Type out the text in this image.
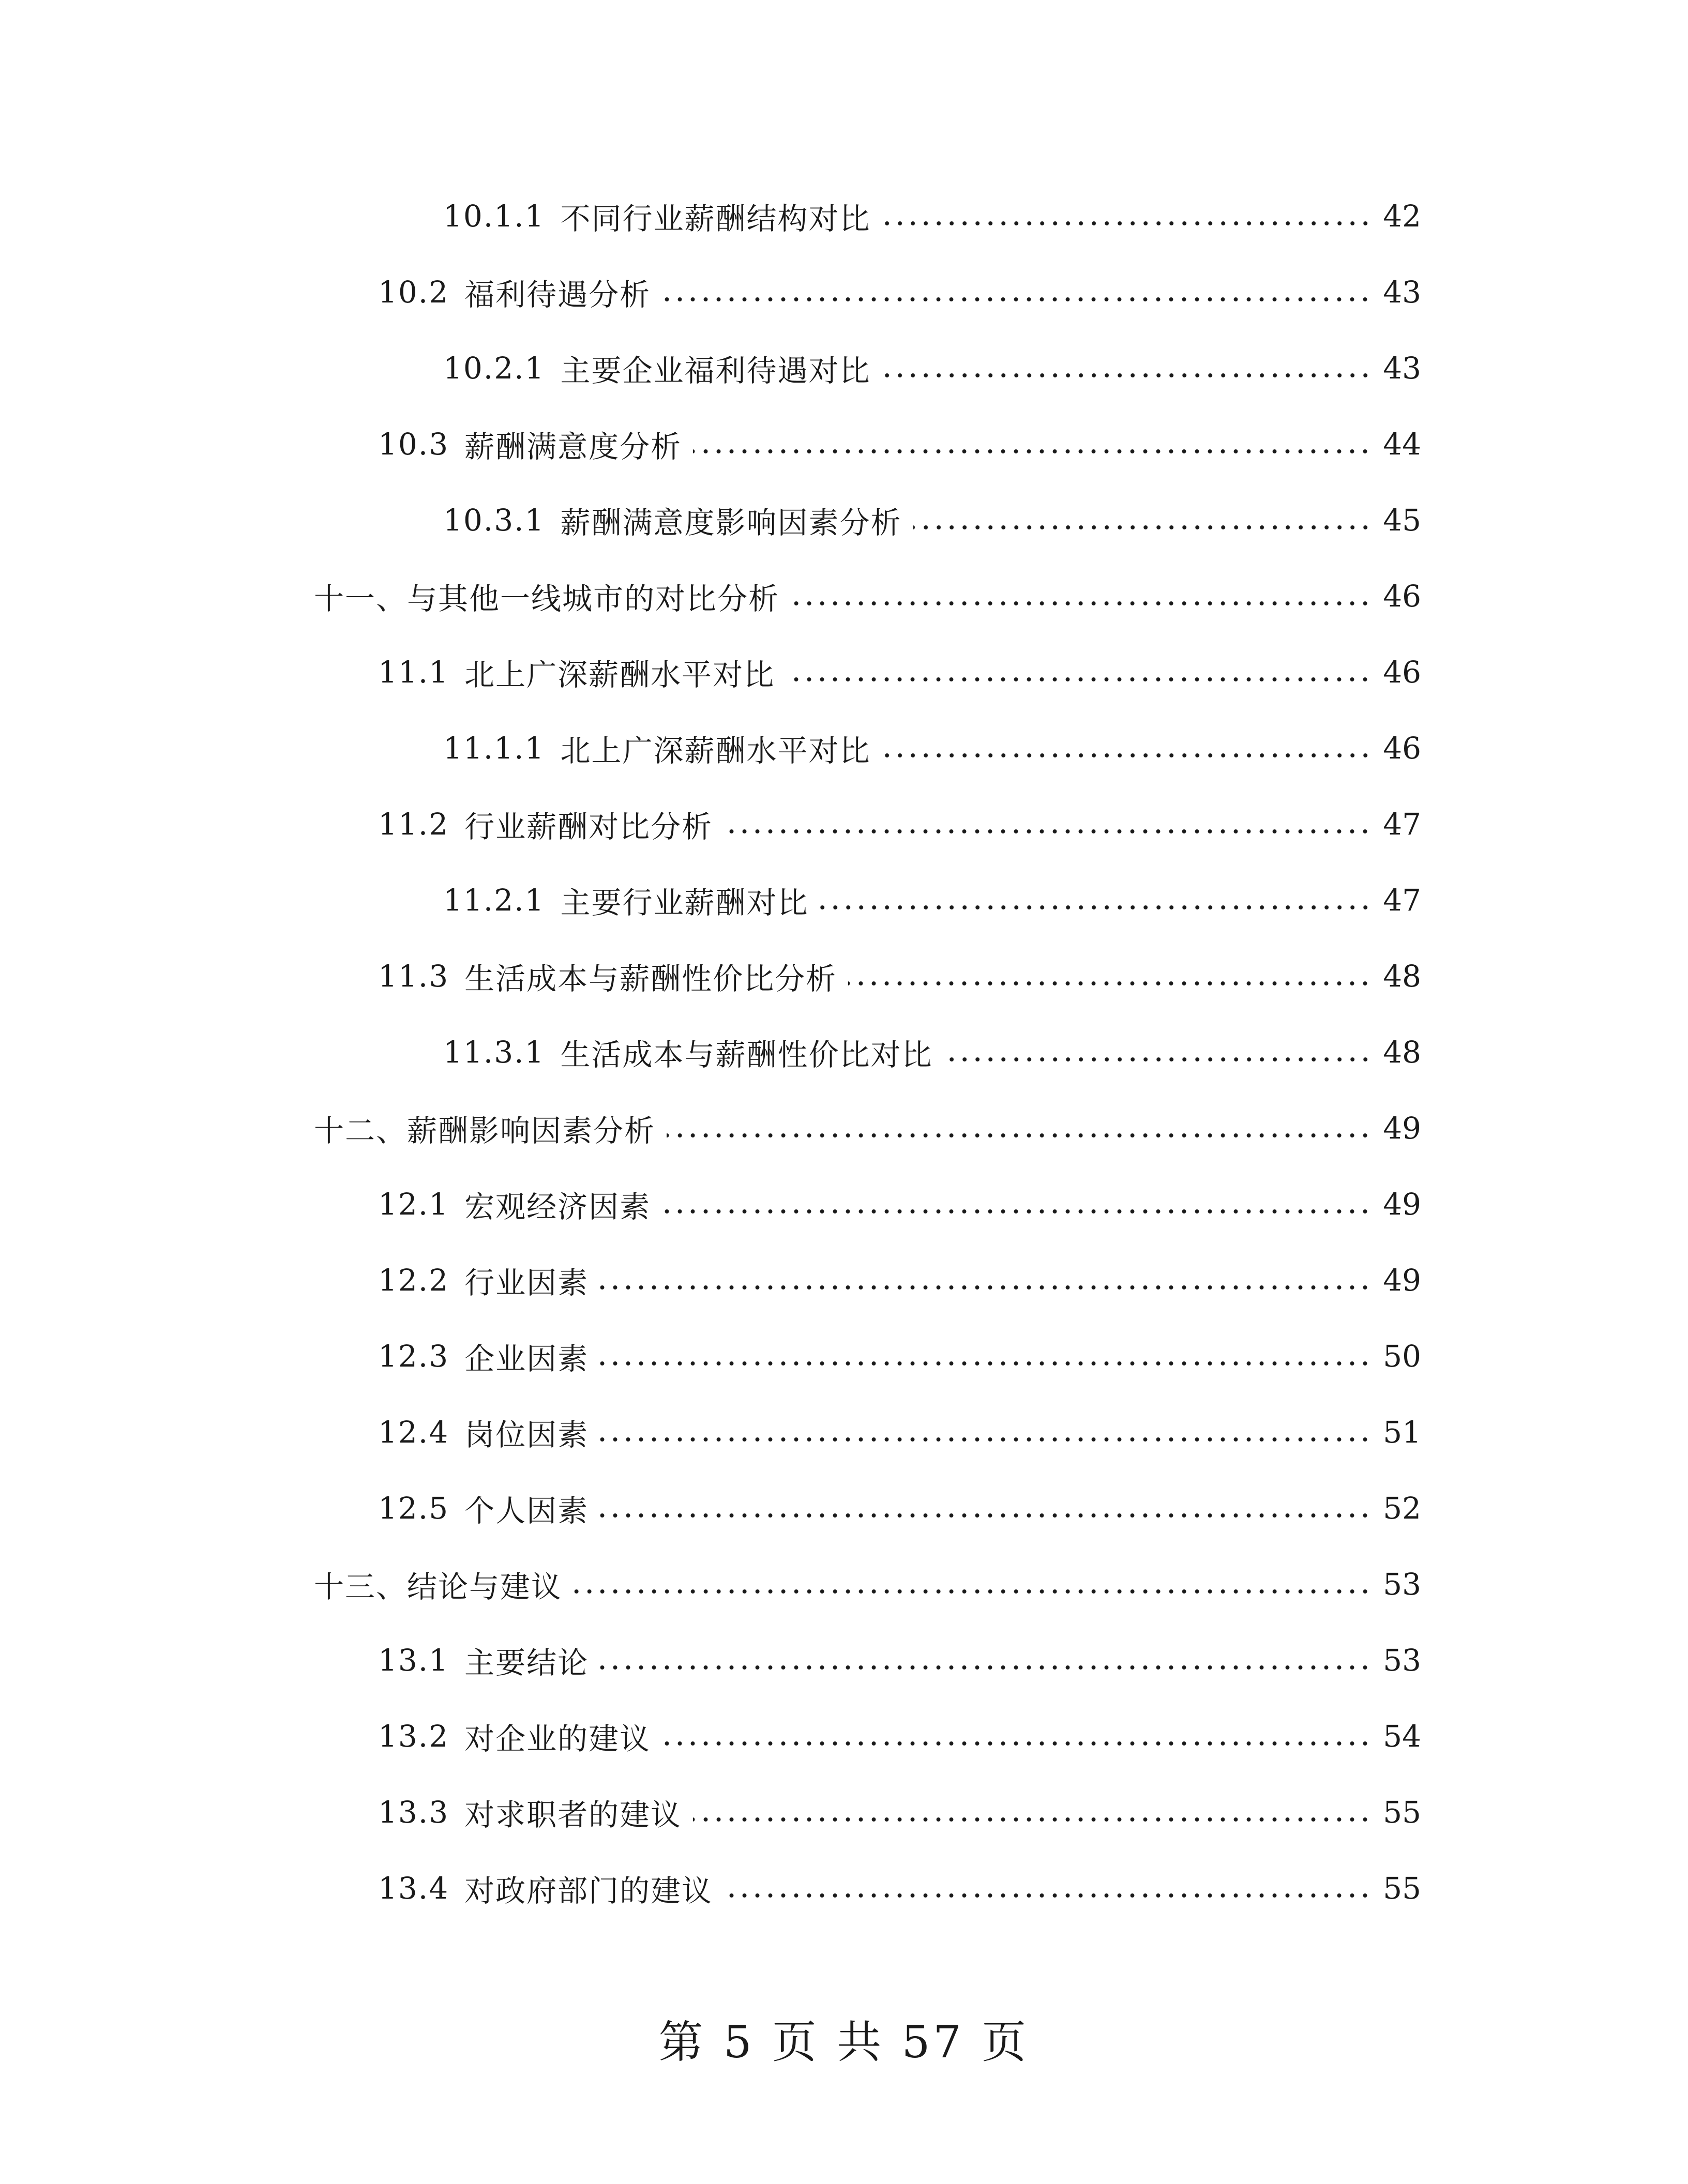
10.1.1 不同行业薪酬结构对比	42
10.2 福利待遇分析	43
10.2.1 主要企业福利待遇对比	43
10.3 薪酬满意度分析	44
10.3.1 薪酬满意度影响因素分析	45
十一、 与其他一线城市的对比分析	46
11.1 北上广深薪酬水平对比	46
11.1.1 北上广深薪酬水平对比	46
11.2 行业薪酬对比分析	47
11.2.1 主要行业薪酬对比	47
11.3 生活成本与薪酬性价比分析	48
11.3.1 生活成本与薪酬性价比对比	48
十二、 薪酬影响因素分析	49
12.1 宏观经济因素	49
12.2 行业因素	49
12.3 企业因素	50
12.4 岗位因素	51
12.5 个人因素	52
十三、 结论与建议	53
13.1 主要结论	53
13.2 对企业的建议	54
13.3 对求职者的建议	55
13.4 对政府部门的建议	55
第 5 页 共 57 页
